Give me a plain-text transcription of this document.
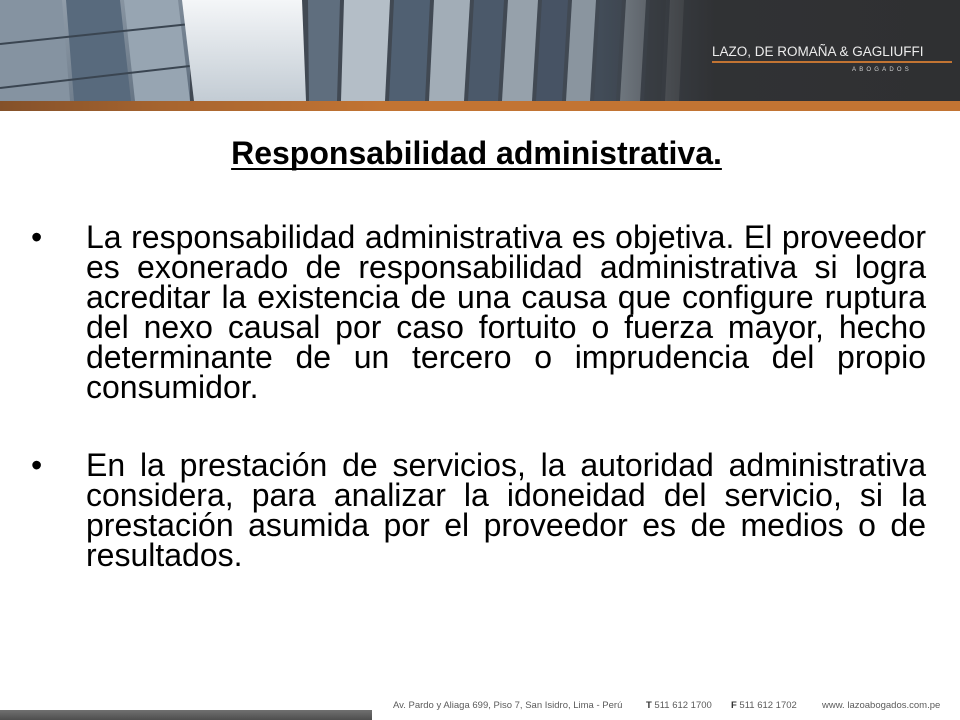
LAZO, DE ROMAÑA & GAGLIUFFI
ABOGADOS
Responsabilidad administrativa.
• La responsabilidad administrativa es objetiva. El proveedor
es exonerado de responsabilidad administrativa si logra
acreditar la existencia de una causa que configure ruptura
del nexo causal por caso fortuito o fuerza mayor, hecho
determinante de un tercero o imprudencia del propio
consumidor.
• En la prestación de servicios, la autoridad administrativa
considera, para analizar la idoneidad del servicio, si la
prestación asumida por el proveedor es de medios o de
resultados.
Av. Pardo y Aliaga 699, Piso 7, San Isidro, Lima - Perú T 511 612 1700 F 511 612 1702	www. lazoabogados.com.pe
